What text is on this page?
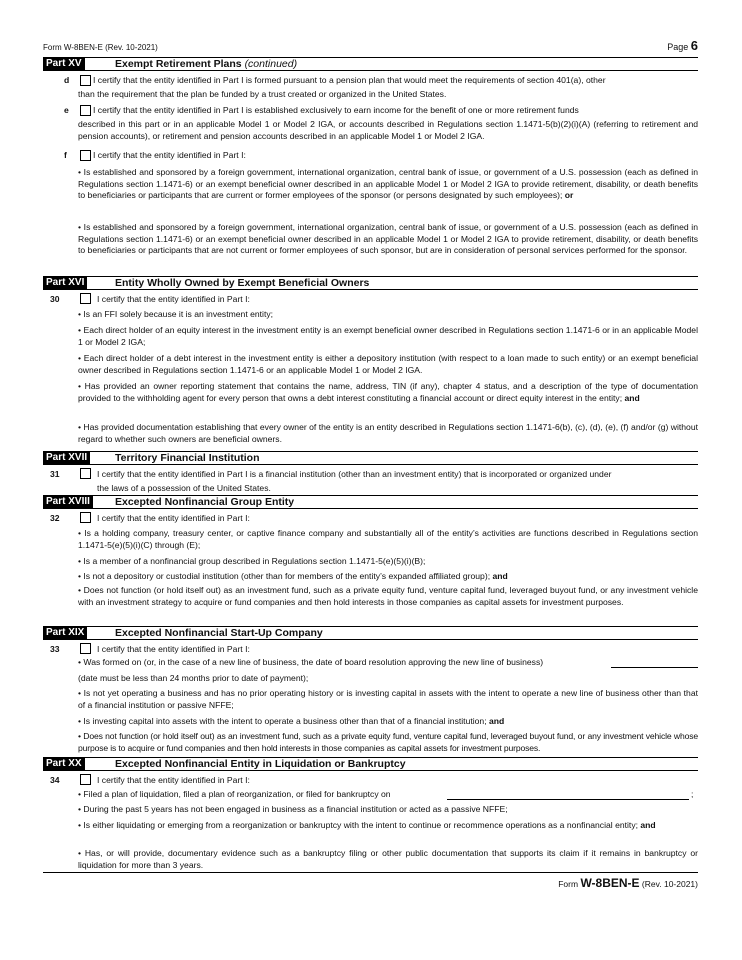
Form W-8BEN-E (Rev. 10-2021)	Page 6
Part XV	Exempt Retirement Plans (continued)
d	I certify that the entity identified in Part I is formed pursuant to a pension plan that would meet the requirements of section 401(a), other
than the requirement that the plan be funded by a trust created or organized in the United States.
e	I certify that the entity identified in Part I is established exclusively to earn income for the benefit of one or more retirement funds
described in this part or in an applicable Model 1 or Model 2 IGA, or accounts described in Regulations section 1.1471-5(b)(2)(i)(A) (referring to retirement and pension accounts), or retirement and pension accounts described in an applicable Model 1 or Model 2 IGA.
f	I certify that the entity identified in Part I:
• Is established and sponsored by a foreign government, international organization, central bank of issue, or government of a U.S. possession (each as defined in Regulations section 1.1471-6) or an exempt beneficial owner described in an applicable Model 1 or Model 2 IGA to provide retirement, disability, or death benefits to beneficiaries or participants that are current or former employees of the sponsor (or persons designated by such employees); or
• Is established and sponsored by a foreign government, international organization, central bank of issue, or government of a U.S. possession (each as defined in Regulations section 1.1471-6) or an exempt beneficial owner described in an applicable Model 1 or Model 2 IGA to provide retirement, disability, or death benefits to beneficiaries or participants that are not current or former employees of such sponsor, but are in consideration of personal services performed for the sponsor.
Part XVI	Entity Wholly Owned by Exempt Beneficial Owners
30	I certify that the entity identified in Part I:
• Is an FFI solely because it is an investment entity;
• Each direct holder of an equity interest in the investment entity is an exempt beneficial owner described in Regulations section 1.1471-6 or in an applicable Model 1 or Model 2 IGA;
• Each direct holder of a debt interest in the investment entity is either a depository institution (with respect to a loan made to such entity) or an exempt beneficial owner described in Regulations section 1.1471-6 or an applicable Model 1 or Model 2 IGA.
• Has provided an owner reporting statement that contains the name, address, TIN (if any), chapter 4 status, and a description of the type of documentation provided to the withholding agent for every person that owns a debt interest constituting a financial account or direct equity interest in the entity; and
• Has provided documentation establishing that every owner of the entity is an entity described in Regulations section 1.1471-6(b), (c), (d), (e), (f) and/or (g) without regard to whether such owners are beneficial owners.
Part XVII	Territory Financial Institution
31	I certify that the entity identified in Part I is a financial institution (other than an investment entity) that is incorporated or organized under
the laws of a possession of the United States.
Part XVIII Excepted Nonfinancial Group Entity
32	I certify that the entity identified in Part I:
• Is a holding company, treasury center, or captive finance company and substantially all of the entity’s activities are functions described in Regulations section 1.1471-5(e)(5)(i)(C) through (E);
• Is a member of a nonfinancial group described in Regulations section 1.1471-5(e)(5)(i)(B);
• Is not a depository or custodial institution (other than for members of the entity’s expanded affiliated group); and
• Does not function (or hold itself out) as an investment fund, such as a private equity fund, venture capital fund, leveraged buyout fund, or any investment vehicle with an investment strategy to acquire or fund companies and then hold interests in those companies as capital assets for investment purposes.
Part XIX	Excepted Nonfinancial Start-Up Company
33	I certify that the entity identified in Part I:
• Was formed on (or, in the case of a new line of business, the date of board resolution approving the new line of business)
(date must be less than 24 months prior to date of payment);
• Is not yet operating a business and has no prior operating history or is investing capital in assets with the intent to operate a new line of business other than that of a financial institution or passive NFFE;
• Is investing capital into assets with the intent to operate a business other than that of a financial institution; and
• Does not function (or hold itself out) as an investment fund, such as a private equity fund, venture capital fund, leveraged buyout fund, or any investment vehicle whose purpose is to acquire or fund companies and then hold interests in those companies as capital assets for investment purposes.
Part XX	Excepted Nonfinancial Entity in Liquidation or Bankruptcy
34	I certify that the entity identified in Part I:
• Filed a plan of liquidation, filed a plan of reorganization, or filed for bankruptcy on	;
• During the past 5 years has not been engaged in business as a financial institution or acted as a passive NFFE;
• Is either liquidating or emerging from a reorganization or bankruptcy with the intent to continue or recommence operations as a nonfinancial entity; and
• Has, or will provide, documentary evidence such as a bankruptcy filing or other public documentation that supports its claim if it remains in bankruptcy or liquidation for more than 3 years.
Form W-8BEN-E (Rev. 10-2021)
